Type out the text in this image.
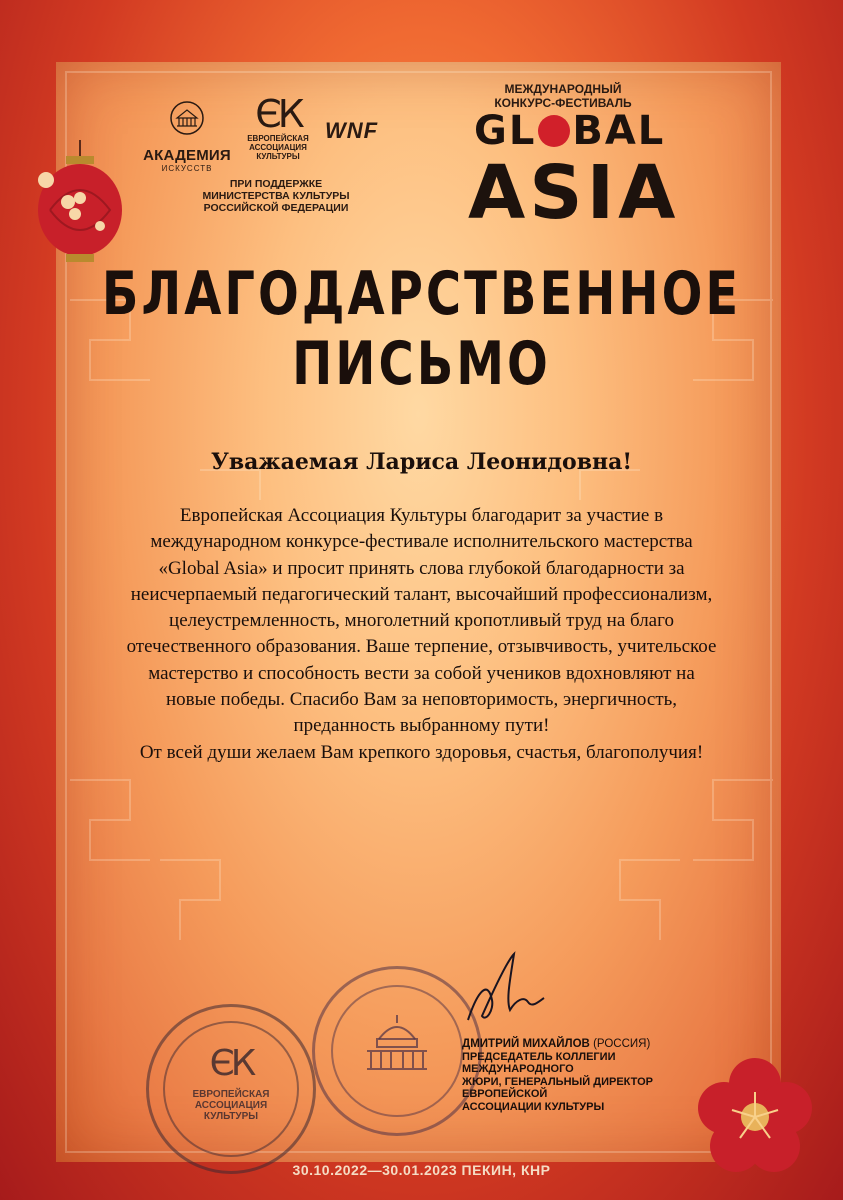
АКАДЕМИЯ
ИСКУССТВ
ЄК
ЕВРОПЕЙСКАЯ
АССОЦИАЦИЯ
КУЛЬТУРЫ
WNF
ПРИ ПОДДЕРЖКЕ
МИНИСТЕРСТВА КУЛЬТУРЫ
РОССИЙСКОЙ ФЕДЕРАЦИИ
МЕЖДУНАРОДНЫЙ
КОНКУРС-ФЕСТИВАЛЬ
GL BAL
ASIA
БЛАГОДАРСТВЕННОЕ
ПИСЬМО
Уважаемая Лариса Леонидовна!

Европейская Ассоциация Культуры благодарит за участие в

международном конкурсе-фестивале исполнительского мастерства

«Global Asia» и просит принять слова глубокой благодарности за

неисчерпаемый педагогический талант, высочайший профессионализм,

целеустремленность, многолетний кропотливый труд на благо

отечественного образования. Ваше терпение, отзывчивость, учительское

мастерство и способность вести за собой учеников вдохновляют на

новые победы. Спасибо Вам за неповторимость, энергичность,

преданность выбранному пути!

От всей души желаем Вам крепкого здоровья, счастья, благополучия!

ЄК
ЕВРОПЕЙСКАЯ
АССОЦИАЦИЯ
КУЛЬТУРЫ
ДМИТРИЙ МИХАЙЛОВ (РОССИЯ)
ПРЕДСЕДАТЕЛЬ КОЛЛЕГИИ МЕЖДУНАРОДНОГО
ЖЮРИ, ГЕНЕРАЛЬНЫЙ ДИРЕКТОР ЕВРОПЕЙСКОЙ
АССОЦИАЦИИ КУЛЬТУРЫ
30.10.2022—30.01.2023 ПЕКИН, КНР
